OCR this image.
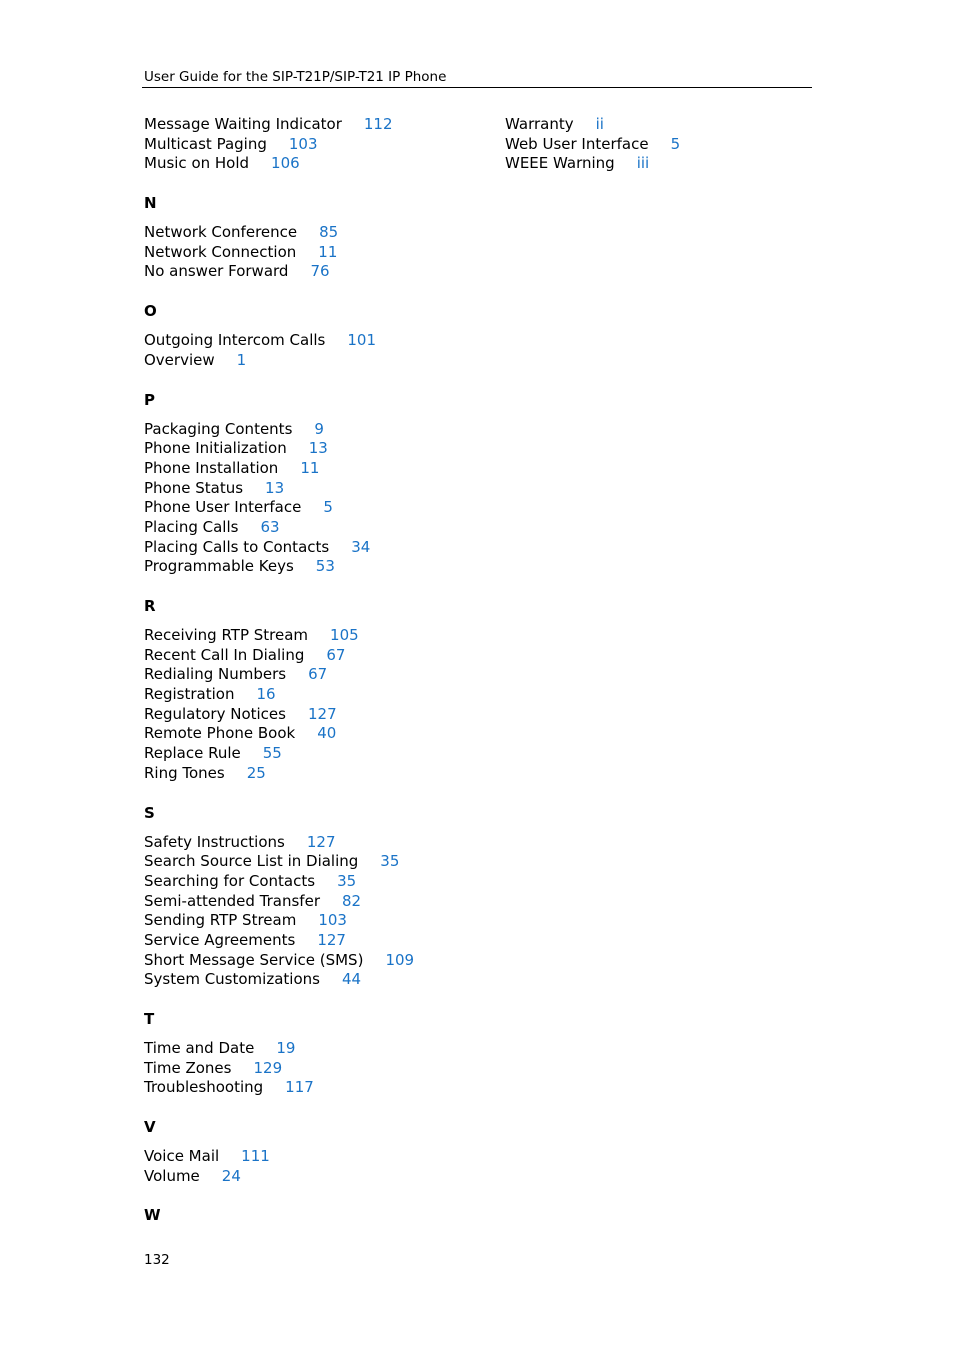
User Guide for the SIP-T21P/SIP-T21 IP Phone
Message Waiting Indicator 112
Multicast Paging 103
Music on Hold 106
N
Network Conference 85
Network Connection 11
No answer Forward 76
O
Outgoing Intercom Calls 101
Overview 1
P
Packaging Contents 9
Phone Initialization 13
Phone Installation 11
Phone Status 13
Phone User Interface 5
Placing Calls 63
Placing Calls to Contacts 34
Programmable Keys 53
R
Receiving RTP Stream 105
Recent Call In Dialing 67
Redialing Numbers 67
Registration 16
Regulatory Notices 127
Remote Phone Book 40
Replace Rule 55
Ring Tones 25
S
Safety Instructions 127
Search Source List in Dialing 35
Searching for Contacts 35
Semi-attended Transfer 82
Sending RTP Stream 103
Service Agreements 127
Short Message Service (SMS) 109
System Customizations 44
T
Time and Date 19
Time Zones 129
Troubleshooting 117
V
Voice Mail 111
Volume 24
W
Warranty ii
Web User Interface 5
WEEE Warning iii
132
